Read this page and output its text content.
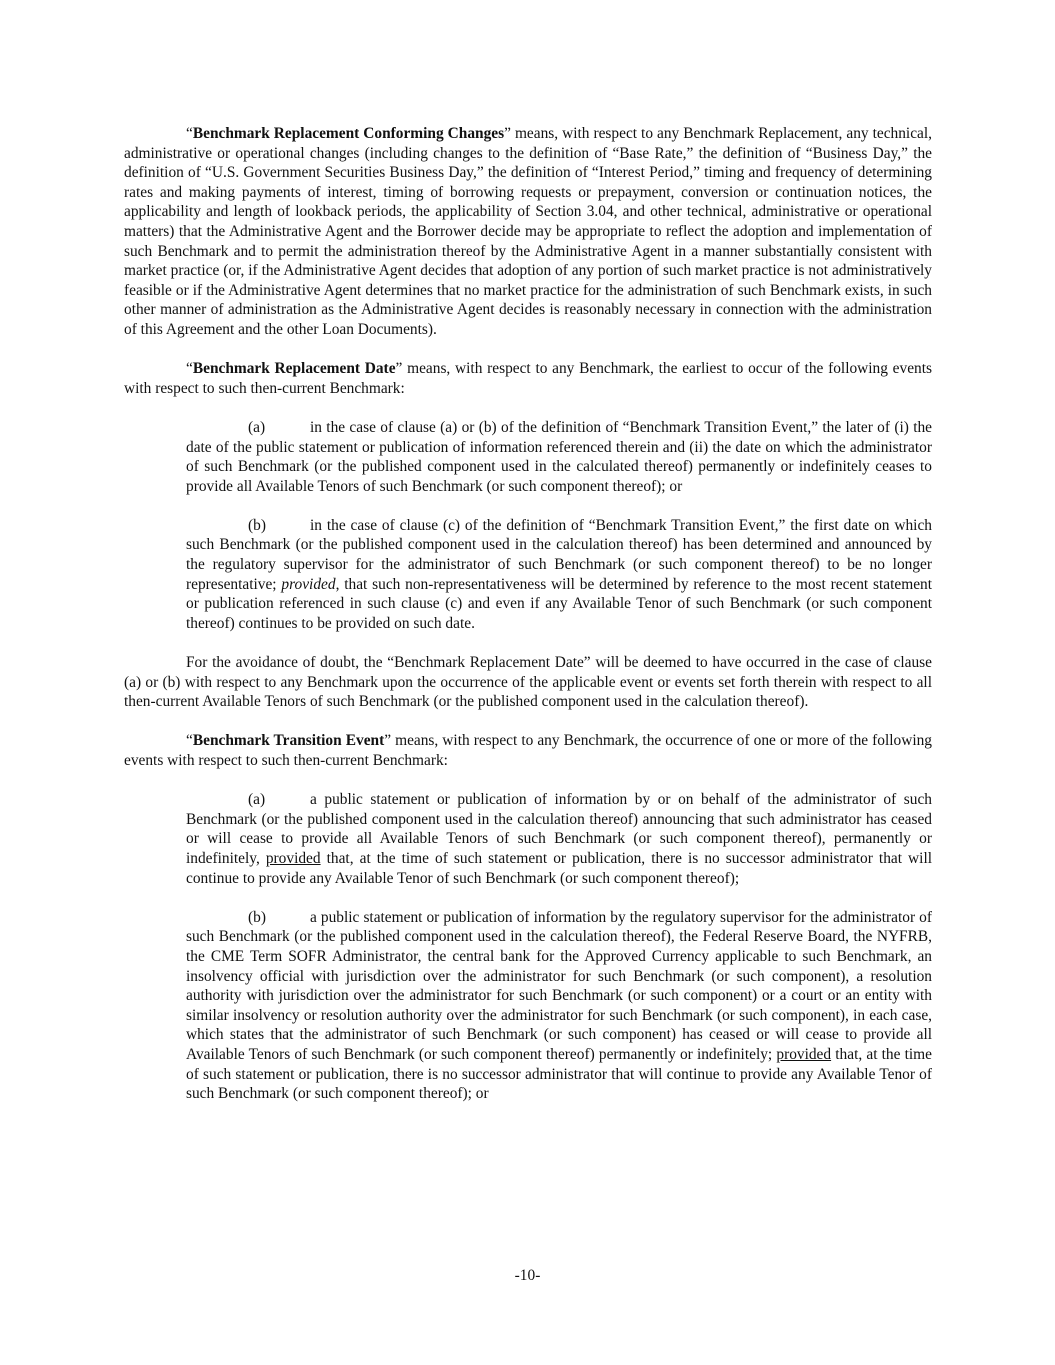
“Benchmark Replacement Conforming Changes” means, with respect to any Benchmark Replacement, any technical, administrative or operational changes (including changes to the definition of “Base Rate,” the definition of “Business Day,” the definition of “U.S. Government Securities Business Day,” the definition of “Interest Period,” timing and frequency of determining rates and making payments of interest, timing of borrowing requests or prepayment, conversion or continuation notices, the applicability and length of lookback periods, the applicability of Section 3.04, and other technical, administrative or operational matters) that the Administrative Agent and the Borrower decide may be appropriate to reflect the adoption and implementation of such Benchmark and to permit the administration thereof by the Administrative Agent in a manner substantially consistent with market practice (or, if the Administrative Agent decides that adoption of any portion of such market practice is not administratively feasible or if the Administrative Agent determines that no market practice for the administration of such Benchmark exists, in such other manner of administration as the Administrative Agent decides is reasonably necessary in connection with the administration of this Agreement and the other Loan Documents).

“Benchmark Replacement Date” means, with respect to any Benchmark, the earliest to occur of the following events with respect to such then-current Benchmark:

(a)	in the case of clause (a) or (b) of the definition of “Benchmark Transition Event,” the later of (i) the date of the public statement or publication of information referenced therein and (ii) the date on which the administrator of such Benchmark (or the published component used in the calculated thereof) permanently or indefinitely ceases to provide all Available Tenors of such Benchmark (or such component thereof); or

(b)	in the case of clause (c) of the definition of “Benchmark Transition Event,” the first date on which such Benchmark (or the published component used in the calculation thereof) has been determined and announced by the regulatory supervisor for the administrator of such Benchmark (or such component thereof) to be no longer representative; provided, that such non-representativeness will be determined by reference to the most recent statement or publication referenced in such clause (c) and even if any Available Tenor of such Benchmark (or such component thereof) continues to be provided on such date.

For the avoidance of doubt, the “Benchmark Replacement Date” will be deemed to have occurred in the case of clause (a) or (b) with respect to any Benchmark upon the occurrence of the applicable event or events set forth therein with respect to all then-current Available Tenors of such Benchmark (or the published component used in the calculation thereof).

“Benchmark Transition Event” means, with respect to any Benchmark, the occurrence of one or more of the following events with respect to such then-current Benchmark:

(a)	a public statement or publication of information by or on behalf of the administrator of such Benchmark (or the published component used in the calculation thereof) announcing that such administrator has ceased or will cease to provide all Available Tenors of such Benchmark (or such component thereof), permanently or indefinitely, provided that, at the time of such statement or publication, there is no successor administrator that will continue to provide any Available Tenor of such Benchmark (or such component thereof);

(b)	a public statement or publication of information by the regulatory supervisor for the administrator of such Benchmark (or the published component used in the calculation thereof), the Federal Reserve Board, the NYFRB, the CME Term SOFR Administrator, the central bank for the Approved Currency applicable to such Benchmark, an insolvency official with jurisdiction over the administrator for such Benchmark (or such component), a resolution authority with jurisdiction over the administrator for such Benchmark (or such component) or a court or an entity with similar insolvency or resolution authority over the administrator for such Benchmark (or such component), in each case, which states that the administrator of such Benchmark (or such component) has ceased or will cease to provide all Available Tenors of such Benchmark (or such component thereof) permanently or indefinitely; provided that, at the time of such statement or publication, there is no successor administrator that will continue to provide any Available Tenor of such Benchmark (or such component thereof); or

-10-
